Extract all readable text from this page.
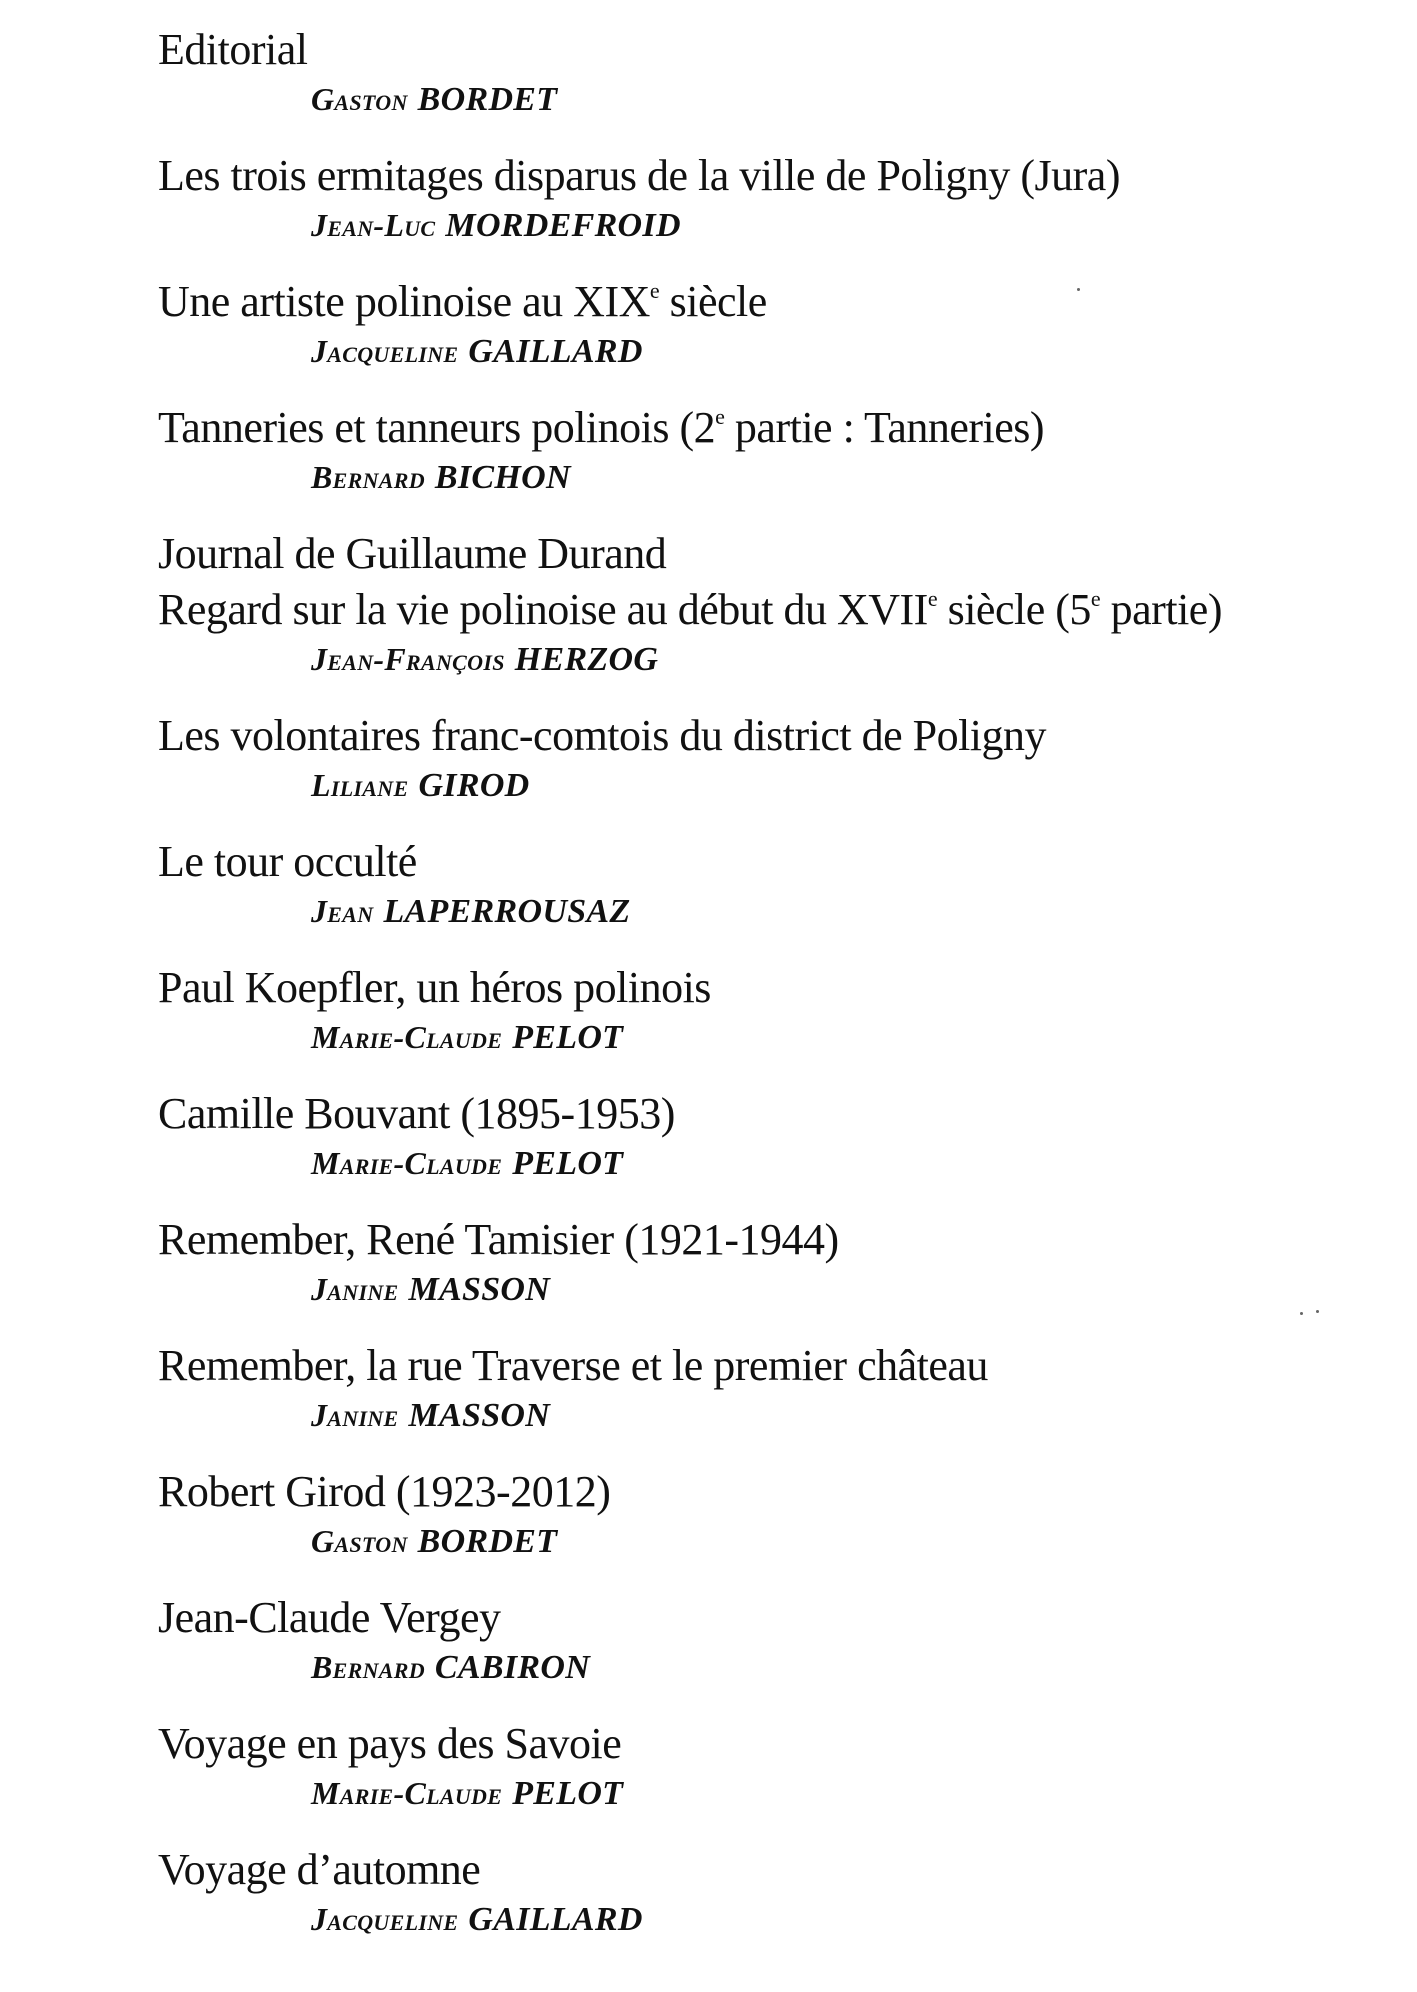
Editorial
Gaston BORDET
Les trois ermitages disparus de la ville de Poligny (Jura)
Jean-Luc MORDEFROID
Une artiste polinoise au XIXe siècle
Jacqueline GAILLARD
Tanneries et tanneurs polinois (2e partie : Tanneries)
Bernard BICHON
Journal de Guillaume Durand
Regard sur la vie polinoise au début du XVIIe siècle (5e partie)
Jean-François HERZOG
Les volontaires franc-comtois du district de Poligny
Liliane GIROD
Le tour occulté
Jean LAPERROUSAZ
Paul Koepfler, un héros polinois
Marie-Claude PELOT
Camille Bouvant (1895-1953)
Marie-Claude PELOT
Remember, René Tamisier (1921-1944)
Janine MASSON
Remember, la rue Traverse et le premier château
Janine MASSON
Robert Girod (1923-2012)
Gaston BORDET
Jean-Claude Vergey
Bernard CABIRON
Voyage en pays des Savoie
Marie-Claude PELOT
Voyage d’automne
Jacqueline GAILLARD
